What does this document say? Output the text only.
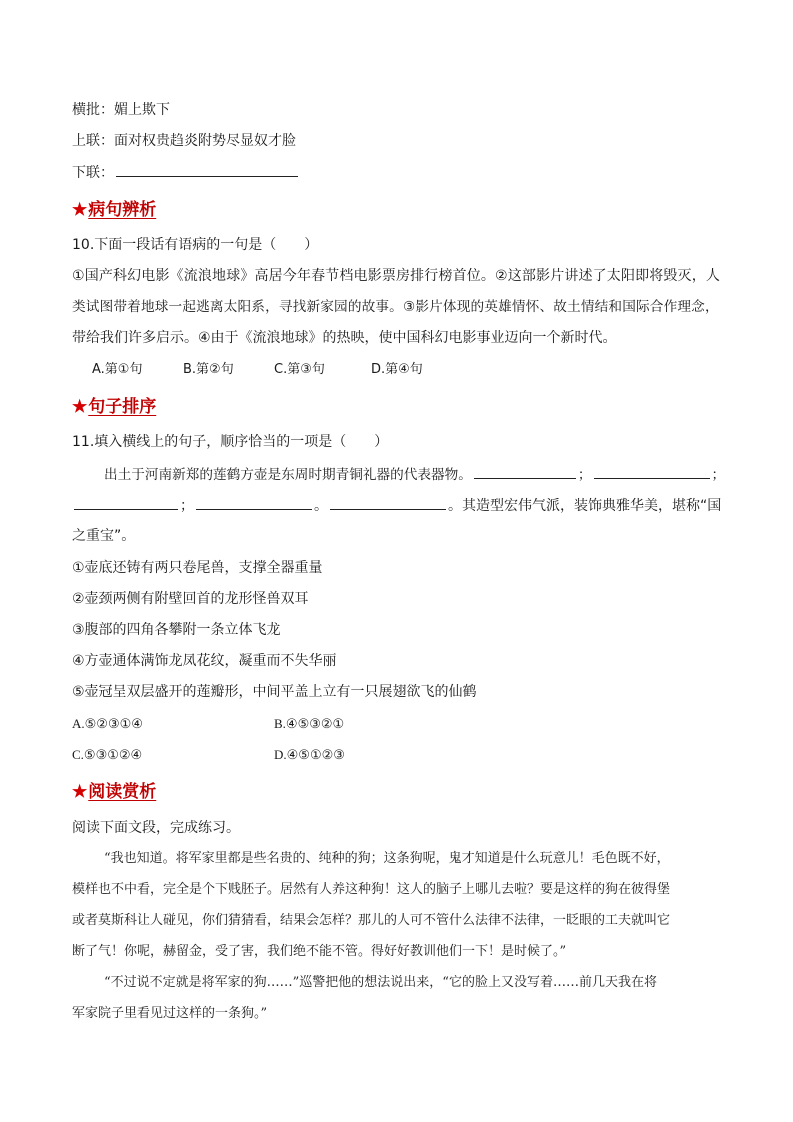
横批：媚上欺下
上联：面对权贵趋炎附势尽显奴才脸
下联：
★病句辨析
10.下面一段话有语病的一句是（　　）
①国产科幻电影《流浪地球》高居今年春节档电影票房排行榜首位。②这部影片讲述了太阳即将毁灭，人
类试图带着地球一起逃离太阳系，寻找新家园的故事。③影片体现的英雄情怀、故土情结和国际合作理念，
带给我们许多启示。④由于《流浪地球》的热映，使中国科幻电影事业迈向一个新时代。
A.第①句	B.第②句	C.第③句	D.第④句
★句子排序
11.填入横线上的句子，顺序恰当的一项是（　　）
出土于河南新郑的莲鹤方壶是东周时期青铜礼器的代表器物。	；	；
；	。	。其造型宏伟气派，装饰典雅华美，堪称“国
之重宝”。
①壶底还铸有两只卷尾兽，支撑全器重量
②壶颈两侧有附壁回首的龙形怪兽双耳
③腹部的四角各攀附一条立体飞龙
④方壶通体满饰龙凤花纹，凝重而不失华丽
⑤壶冠呈双层盛开的莲瓣形，中间平盖上立有一只展翅欲飞的仙鹤
A.⑤②③①④	B.④⑤③②①
C.⑤③①②④	D.④⑤①②③
★阅读赏析
阅读下面文段，完成练习。
“我也知道。将军家里都是些名贵的、纯种的狗；这条狗呢，鬼才知道是什么玩意儿！毛色既不好，
模样也不中看，完全是个下贱胚子。居然有人养这种狗！这人的脑子上哪儿去啦？要是这样的狗在彼得堡
或者莫斯科让人碰见，你们猜猜看，结果会怎样？那儿的人可不管什么法律不法律，一眨眼的工夫就叫它
断了气！你呢，赫留金，受了害，我们绝不能不管。得好好教训他们一下！是时候了。”
“不过说不定就是将军家的狗……”巡警把他的想法说出来，“它的脸上又没写着……前几天我在将
军家院子里看见过这样的一条狗。”
